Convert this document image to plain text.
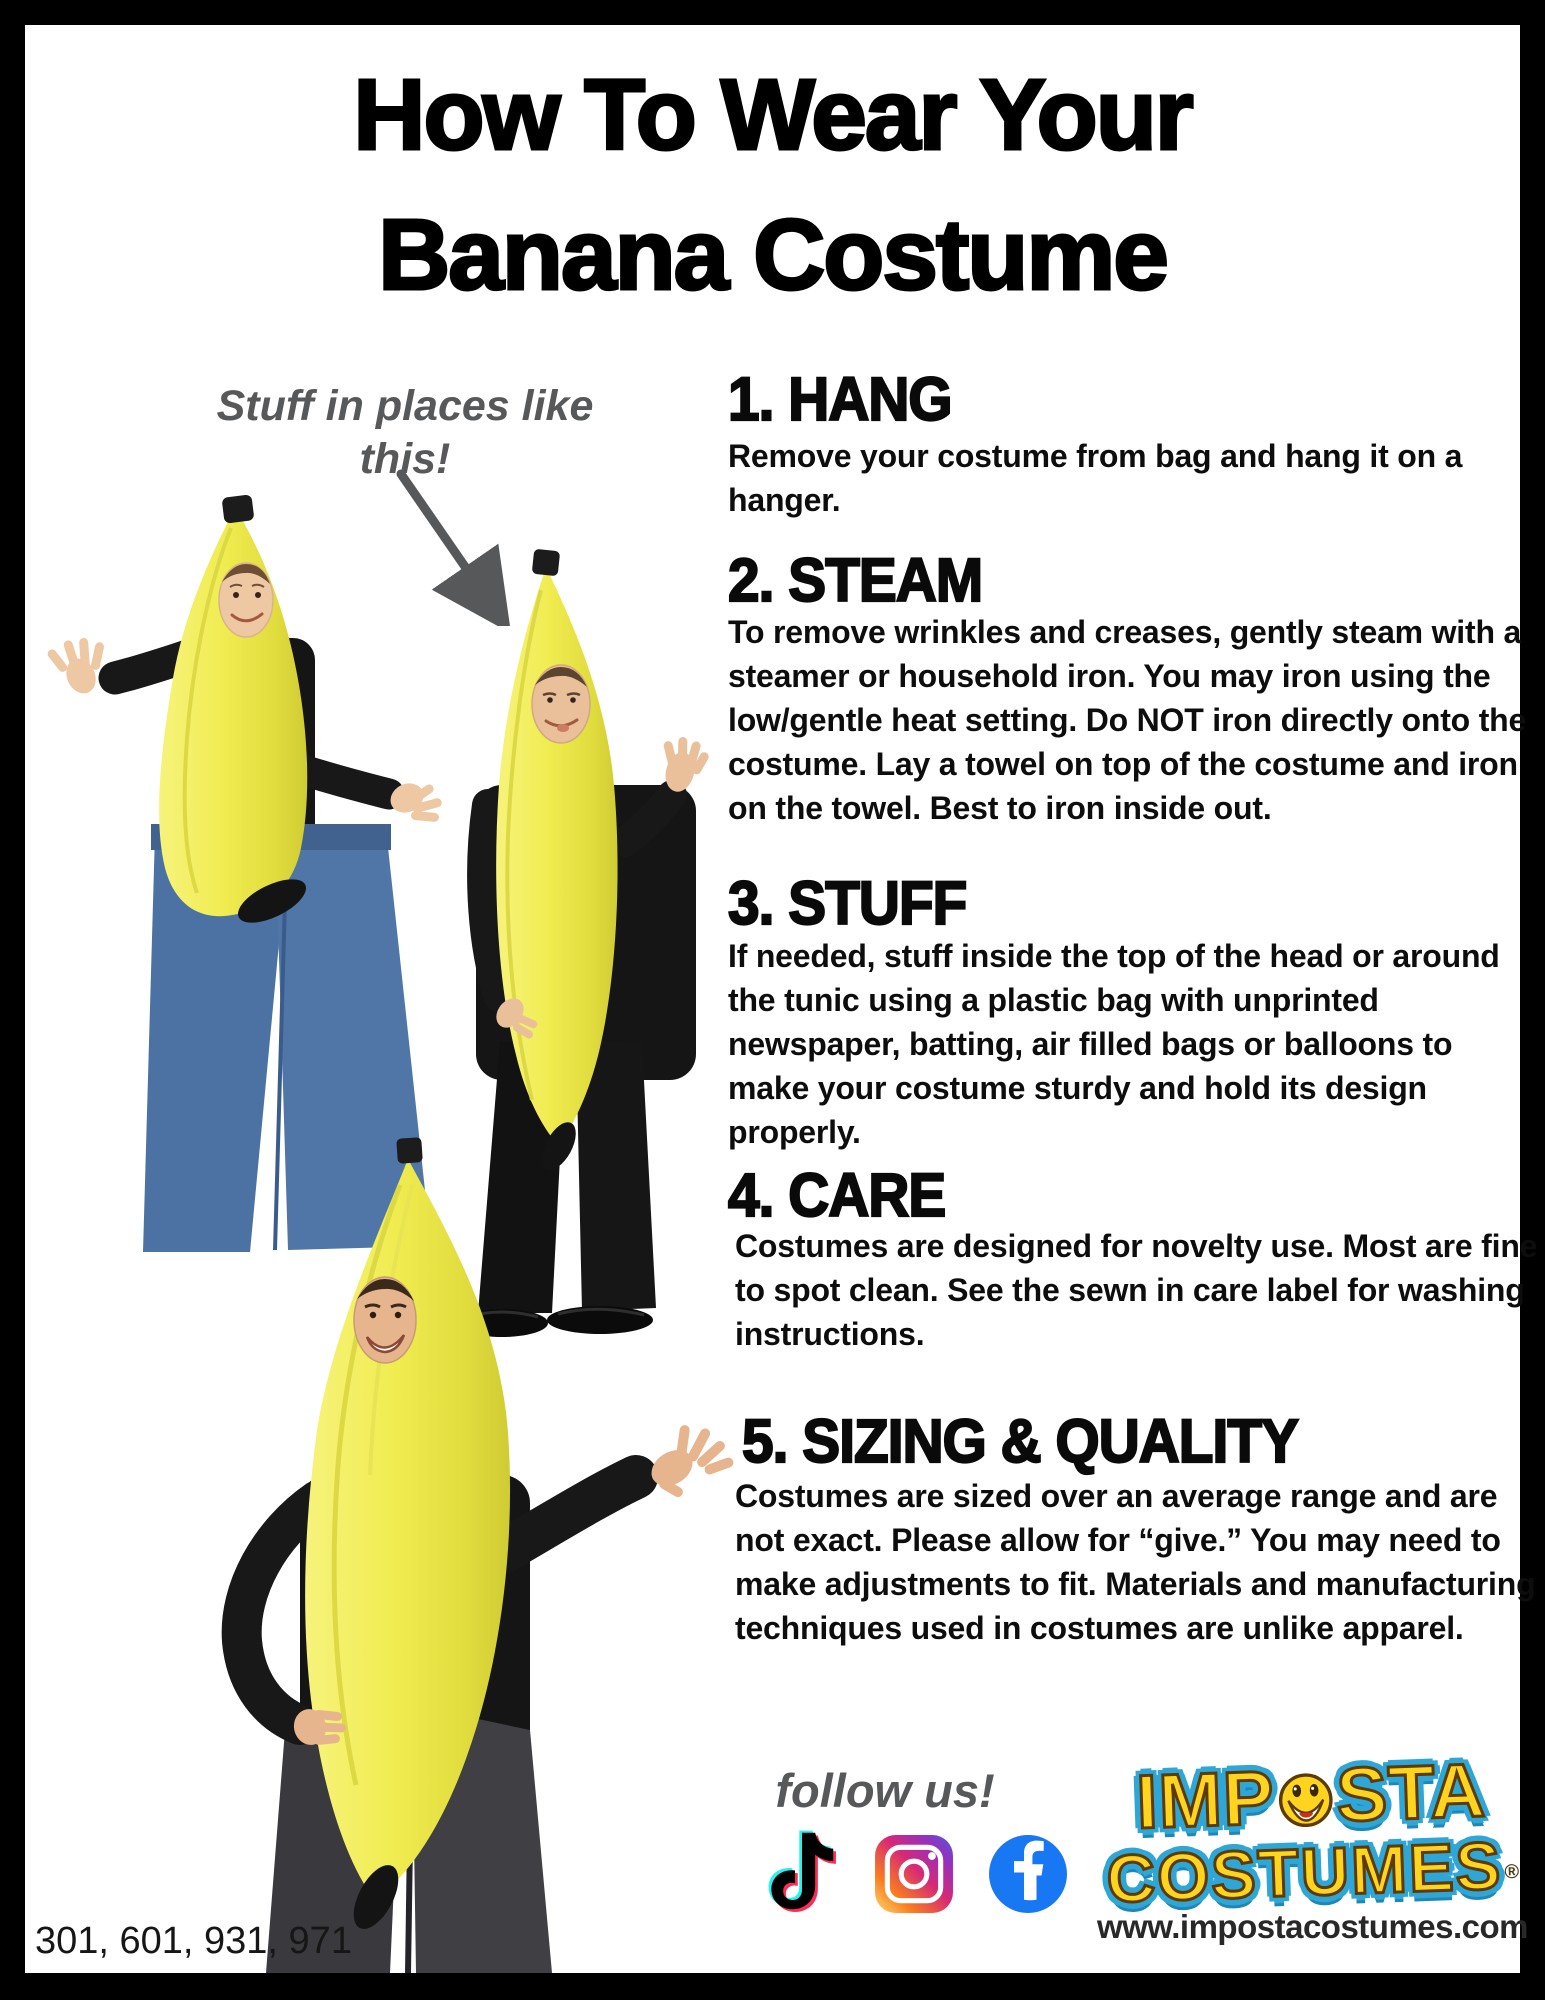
How To Wear Your
Banana Costume
Stuff in places like
this!
1. HANG
Remove your costume from bag and hang it on a hanger.
2. STEAM
To remove wrinkles and creases, gently steam with a steamer or household iron. You may iron using the low/gentle heat setting. Do NOT iron directly onto the costume. Lay a towel on top of the costume and iron on the towel. Best to iron inside out.
3. STUFF
If needed, stuff inside the top of the head or around the tunic using a plastic bag with unprinted newspaper, batting, air filled bags or balloons to make your costume sturdy and hold its design properly.
4. CARE
Costumes are designed for novelty use. Most are fine to spot clean. See the sewn in care label for washing instructions.
5. SIZING & QUALITY
Costumes are sized over an average range and are not exact. Please allow for “give.” You may need to make adjustments to fit. Materials and manufacturing techniques used in costumes are unlike apparel.
follow us!	IMP STA
COSTUMES®
www.impostacostumes.com
301, 601, 931, 971
